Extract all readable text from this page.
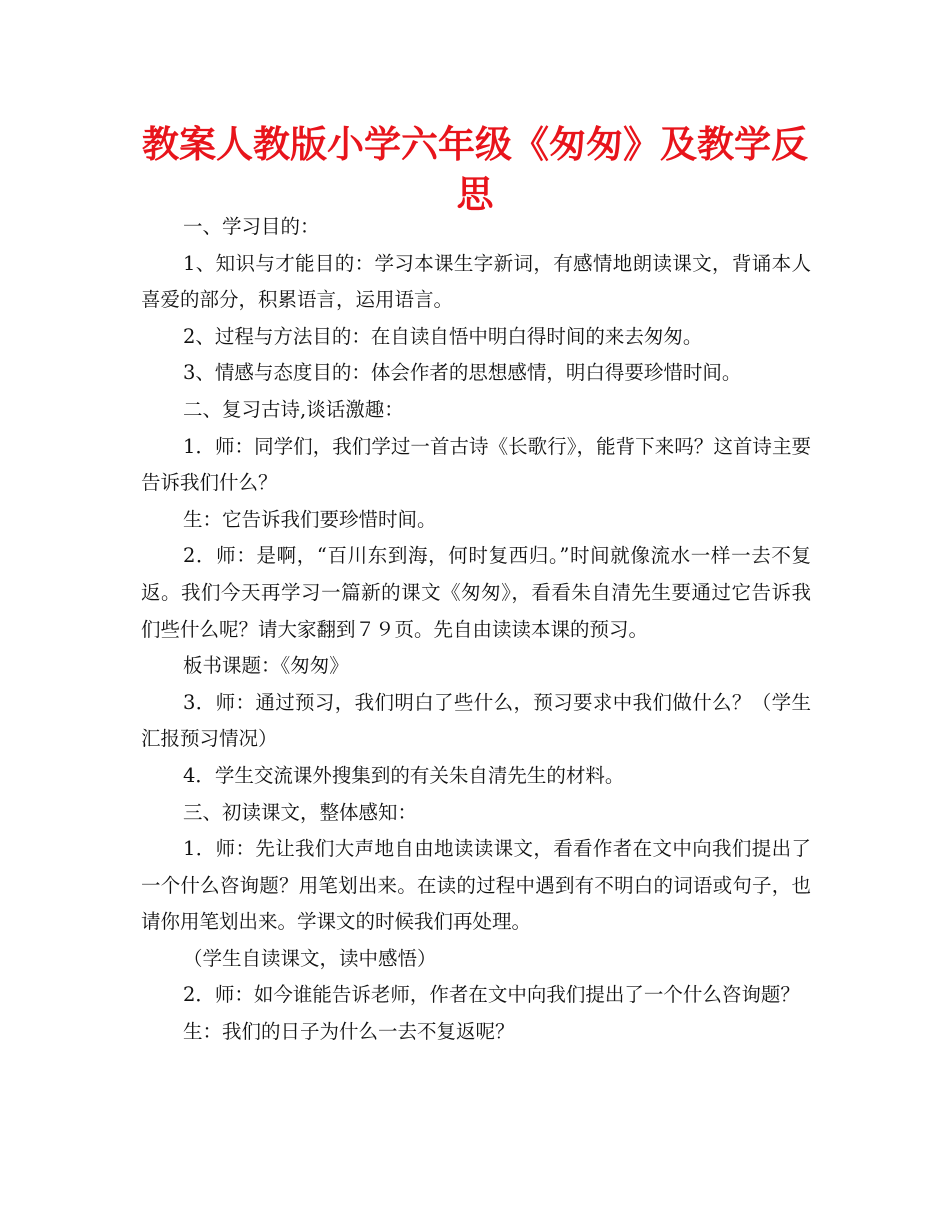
教案人教版小学六年级《匆匆》及教学反思

一、学习目的：

1、知识与才能目的：学习本课生字新词，有感情地朗读课文，背诵本人喜爱的部分，积累语言，运用语言。

2、过程与方法目的：在自读自悟中明白得时间的来去匆匆。

3、情感与态度目的：体会作者的思想感情，明白得要珍惜时间。

二、复习古诗,谈话激趣：

1．师：同学们，我们学过一首古诗《长歌行》，能背下来吗？这首诗主要告诉我们什么？

生：它告诉我们要珍惜时间。

2．师：是啊，“百川东到海，何时复西归。”时间就像流水一样一去不复返。我们今天再学习一篇新的课文《匆匆》，看看朱自清先生要通过它告诉我们些什么呢？请大家翻到７９页。先自由读读本课的预习。

板书课题：《匆匆》

3．师：通过预习，我们明白了些什么，预习要求中我们做什么？（学生汇报预习情况）

4．学生交流课外搜集到的有关朱自清先生的材料。

三、初读课文，整体感知：

1．师：先让我们大声地自由地读读课文，看看作者在文中向我们提出了一个什么咨询题？用笔划出来。在读的过程中遇到有不明白的词语或句子，也请你用笔划出来。学课文的时候我们再处理。

（学生自读课文，读中感悟）

2．师：如今谁能告诉老师，作者在文中向我们提出了一个什么咨询题？

生：我们的日子为什么一去不复返呢？
